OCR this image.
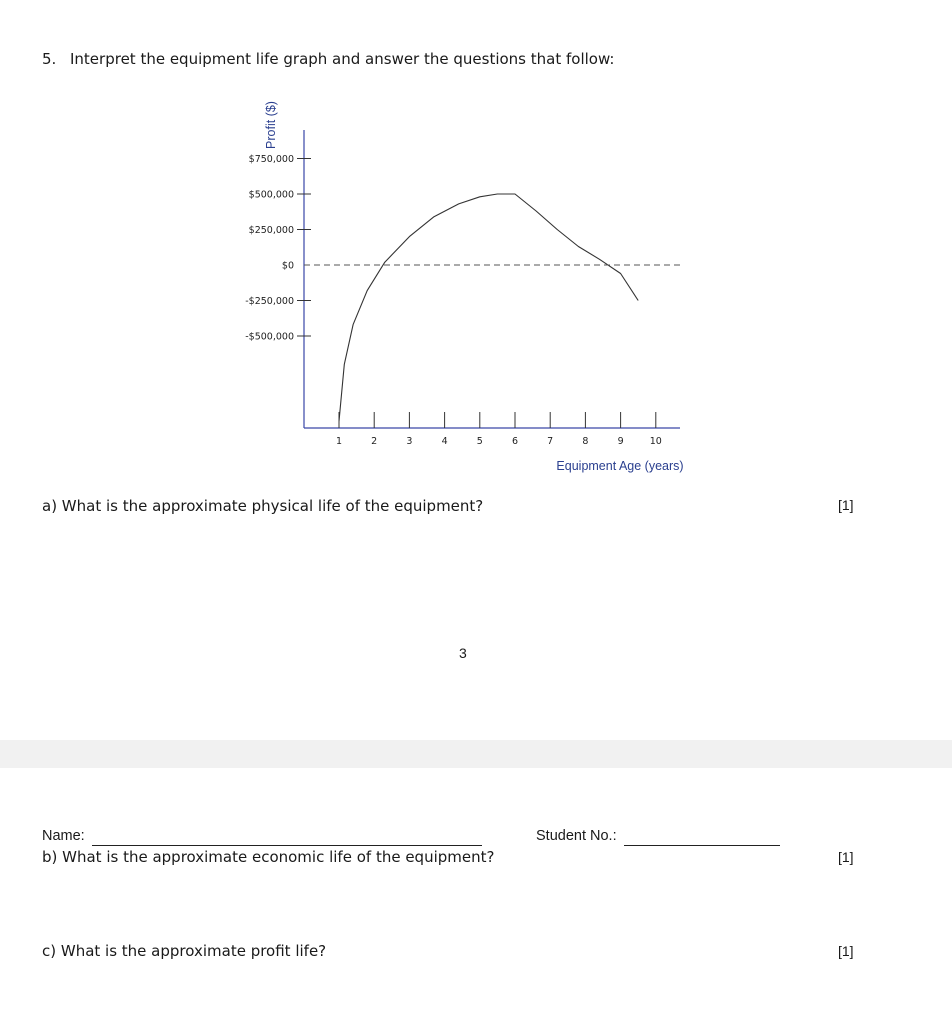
5. Interpret the equipment life graph and answer the questions that follow:
$750,000
$500,000
$250,000
$0
-$250,000
-$500,000
1	2	3	4	5	6	7	8	9	10
Profit ($)
Equipment Age (years)
a) What is the approximate physical life of the equipment?	[1]
3
Name:	Student No.:
b) What is the approximate economic life of the equipment?	[1]
c) What is the approximate profit life?	[1]
